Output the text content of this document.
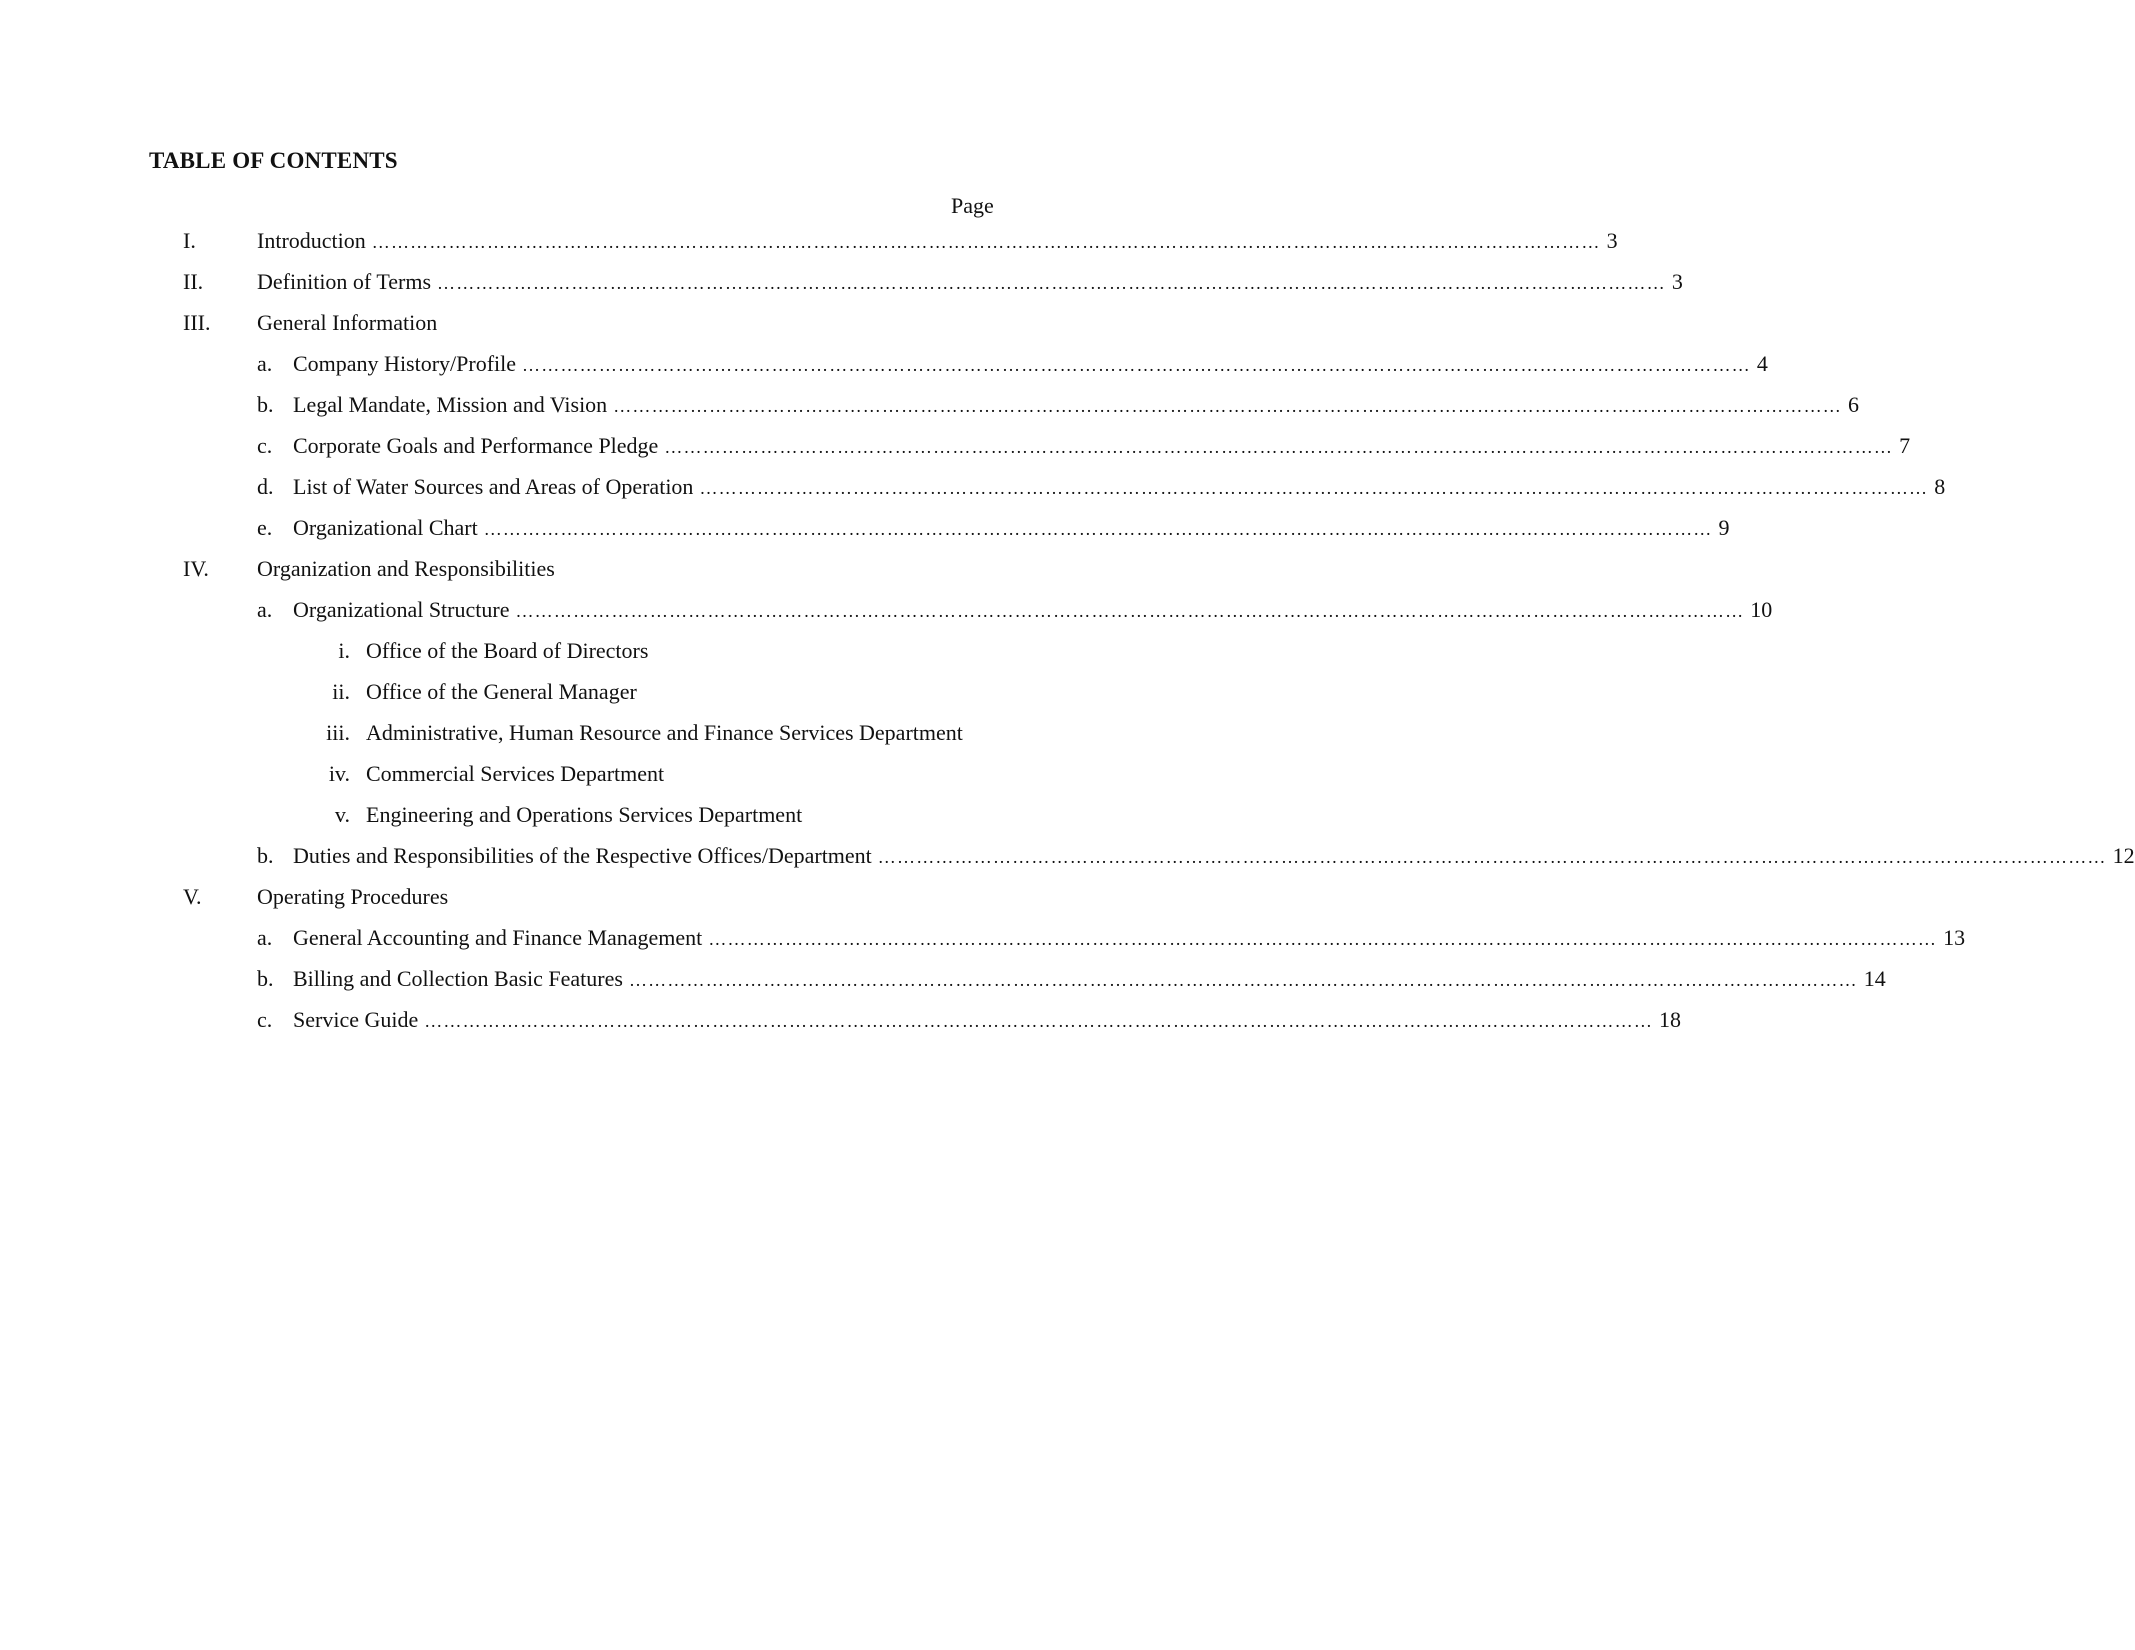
TABLE OF CONTENTS
Page
I.	Introduction ………………………………………………………………………………………………………………………………………………………………………… 3
II. Definition of Terms ………………………………………………………………………………………………………………………………………………………………………… 3
III. General Information
a. Company History/Profile ………………………………………………………………………………………………………………………………………………………………………… 4
b. Legal Mandate, Mission and Vision ………………………………………………………………………………………………………………………………………………………………………… 6
c. Corporate Goals and Performance Pledge ………………………………………………………………………………………………………………………………………………………………………… 7
d. List of Water Sources and Areas of Operation ………………………………………………………………………………………………………………………………………………………………………… 8
e. Organizational Chart ………………………………………………………………………………………………………………………………………………………………………… 9
IV. Organization and Responsibilities
a. Organizational Structure ………………………………………………………………………………………………………………………………………………………………………… 10
i. Office of the Board of Directors
ii. Office of the General Manager
iii. Administrative, Human Resource and Finance Services Department
iv. Commercial Services Department
v. Engineering and Operations Services Department
b. Duties and Responsibilities of the Respective Offices/Department ………………………………………………………………………………………………………………………………………………………………………… 12
V.	Operating Procedures
a. General Accounting and Finance Management ………………………………………………………………………………………………………………………………………………………………………… 13
b. Billing and Collection Basic Features ………………………………………………………………………………………………………………………………………………………………………… 14
c. Service Guide ………………………………………………………………………………………………………………………………………………………………………… 18
